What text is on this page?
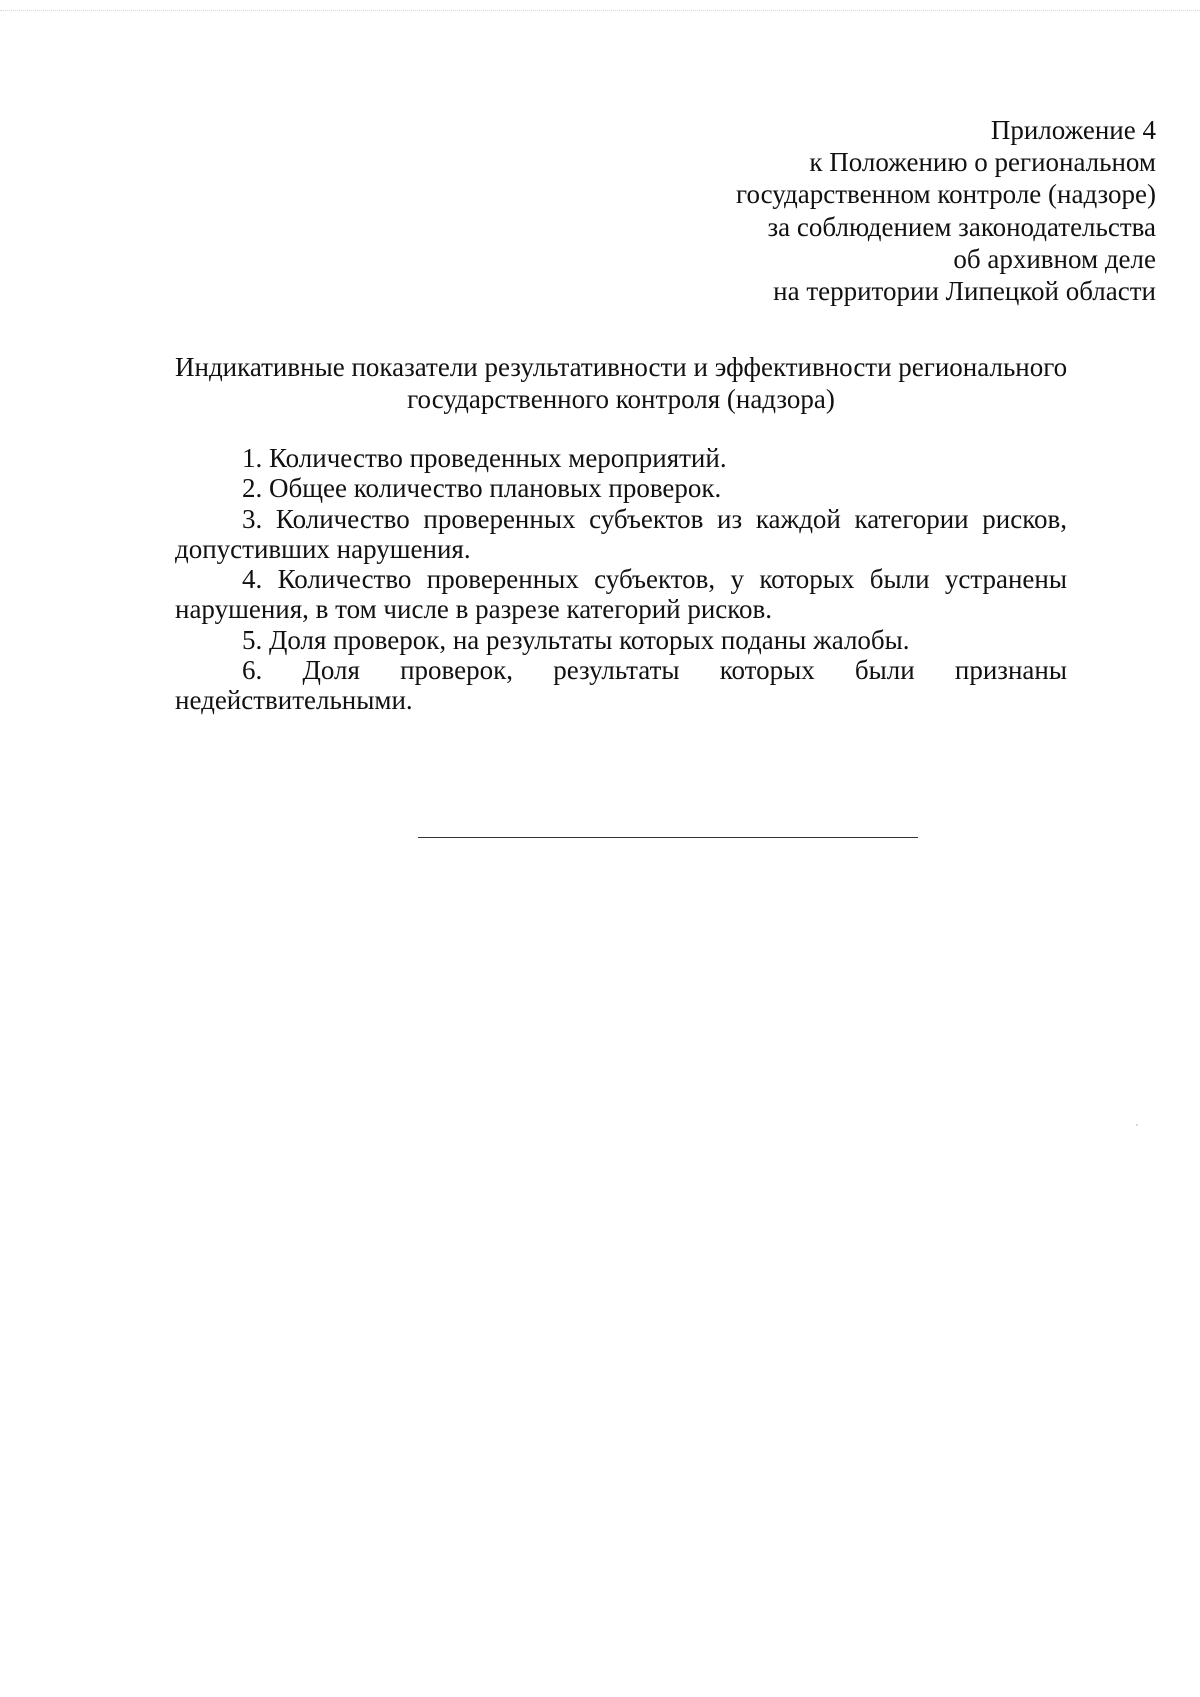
Приложение 4
к Положению о региональном
государственном контроле (надзоре)
за соблюдением законодательства
об архивном деле
на территории Липецкой области
Индикативные показатели результативности и эффективности регионального
государственного контроля (надзора)
1. Количество проведенных мероприятий.
2. Общее количество плановых проверок.
3. Количество проверенных субъектов из каждой категории рисков,
допустивших нарушения.
4. Количество проверенных субъектов, у которых были устранены
нарушения, в том числе в разрезе категорий рисков.
5. Доля проверок, на результаты которых поданы жалобы.
6. Доля проверок, результаты которых были признаны
недействительными.
